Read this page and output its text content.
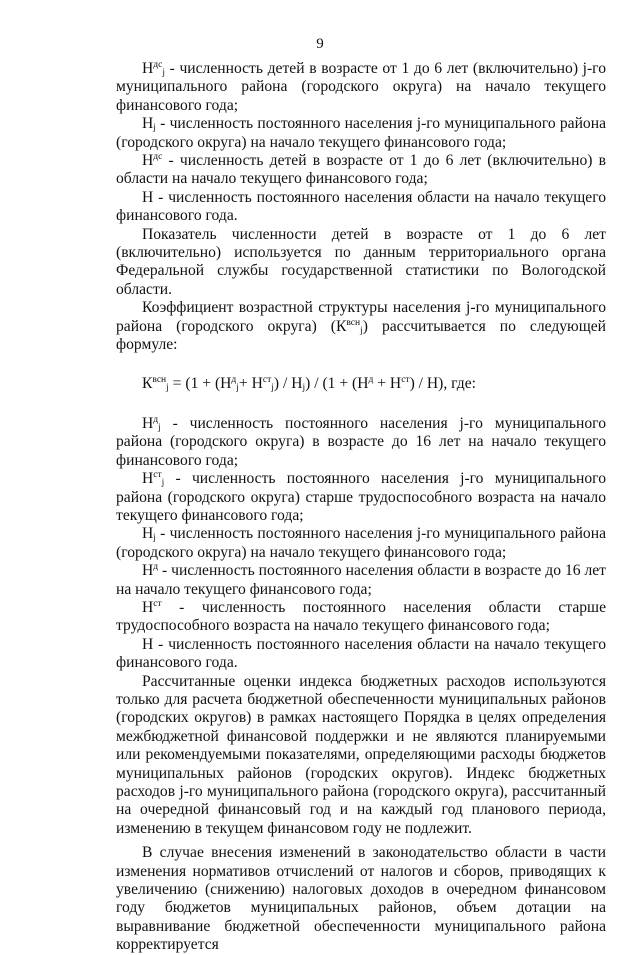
9

$Н^{дс}_j$ - численность детей в возрасте от 1 до 6 лет (включительно) j-го муниципального района (городского округа) на начало текущего финансового года;

$Н_j$ - численность постоянного населения j-го муниципального района (городского округа) на начало текущего финансового года;

$Н^{дс}$ - численность детей в возрасте от 1 до 6 лет (включительно) в области на начало текущего финансового года;

Н - численность постоянного населения области на начало текущего финансового года.

Показатель численности детей в возрасте от 1 до 6 лет (включительно) используется по данным территориального органа Федеральной службы государственной статистики по Вологодской области.

Коэффициент возрастной структуры населения j-го муниципального района (городского округа) $(К^{всн}_j)$ рассчитывается по следующей формуле:

$К^{всн}_j = (1 + (Н^д_j+ Н^{ст}_j) / Н_j) / (1 + (Н^д + Н^{ст}) / Н)$, где:

$Н^д_j$ - численность постоянного населения j-го муниципального района (городского округа) в возрасте до 16 лет на начало текущего финансового года;

$Н^{ст}_j$ - численность постоянного населения j-го муниципального района (городского округа) старше трудоспособного возраста на начало текущего финансового года;

$Н_j$ - численность постоянного населения j-го муниципального района (городского округа) на начало текущего финансового года;

$Н^д$ - численность постоянного населения области в возрасте до 16 лет на начало текущего финансового года;

$Н^{ст}$ - численность постоянного населения области старше трудоспособного возраста на начало текущего финансового года;

Н - численность постоянного населения области на начало текущего финансового года.

Рассчитанные оценки индекса бюджетных расходов используются только для расчета бюджетной обеспеченности муниципальных районов (городских округов) в рамках настоящего Порядка в целях определения межбюджетной финансовой поддержки и не являются планируемыми или рекомендуемыми показателями, определяющими расходы бюджетов муниципальных районов (городских округов). Индекс бюджетных расходов j-го муниципального района (городского округа), рассчитанный на очередной финансовый год и на каждый год планового периода, изменению в текущем финансовом году не подлежит.

В случае внесения изменений в законодательство области в части изменения нормативов отчислений от налогов и сборов, приводящих к увеличению (снижению) налоговых доходов в очередном финансовом году бюджетов муниципальных районов, объем дотации на выравнивание бюджетной обеспеченности муниципального района корректируется
